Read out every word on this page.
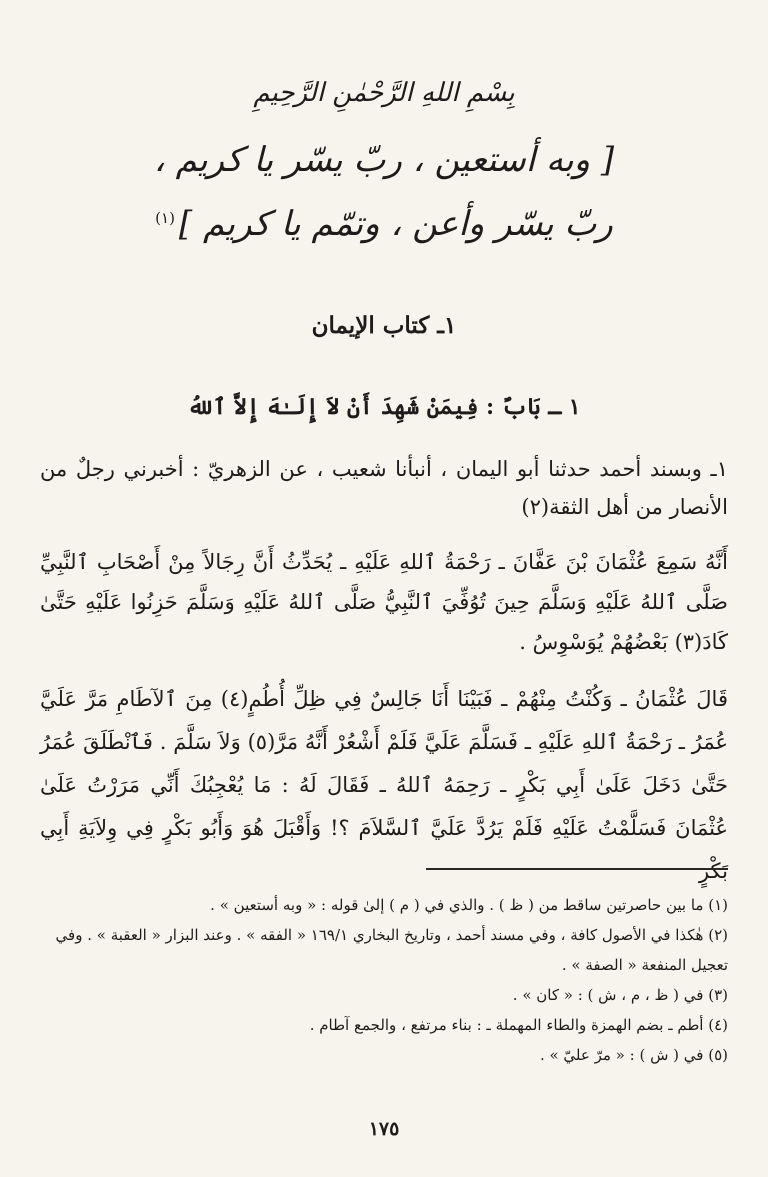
بِسْمِ اللهِ الرَّحْمٰنِ الرَّحِيمِ
[ وبه أستعين ، ربّ يسّر يا كريم ،
ربّ يسّر وأعن ، وتمّم يا كريم ]$^{(١)}$
١ـ كتاب الإيمان
١ ـ بَابٌ : فِيمَنْ شَهِدَ أَنْ لاَ إِلَـٰهَ إِلاَّ ٱللهُ
١ـ وبسند أحمد حدثنا أبو اليمان ، أنبأنا شعيب ، عن الزهريّ : أخبرني رجلٌ من الأنصار من أهل الثقة(٢)
أَنَّهُ سَمِعَ عُثْمَانَ بْنَ عَفَّانَ ـ رَحْمَةُ ٱللهِ عَلَيْهِ ـ يُحَدِّثُ أَنَّ رِجَالاً مِنْ أَصْحَابِ ٱلنَّبِيِّ صَلَّى ٱللهُ عَلَيْهِ وَسَلَّمَ حِينَ تُوُفِّيَ ٱلنَّبِيُّ صَلَّى ٱللهُ عَلَيْهِ وَسَلَّمَ حَزِنُوا عَلَيْهِ حَتَّىٰ كَادَ(٣) بَعْضُهُمْ يُوَسْوِسُ .
قَالَ عُثْمَانُ ـ وَكُنْتُ مِنْهُمْ ـ فَبَيْنَا أَنَا جَالِسٌ فِي ظِلِّ أُطُمٍ(٤) مِنَ ٱلآطَامِ مَرَّ عَلَيَّ عُمَرُ ـ رَحْمَةُ ٱللهِ عَلَيْهِ ـ فَسَلَّمَ عَلَيَّ فَلَمْ أَشْعُرْ أَنَّهُ مَرَّ(٥) وَلاَ سَلَّمَ . فَٱنْطَلَقَ عُمَرُ حَتَّىٰ دَخَلَ عَلَىٰ أَبِي بَكْرٍ ـ رَحِمَهُ ٱللهُ ـ فَقَالَ لَهُ : مَا يُعْجِبُكَ أَنِّي مَرَرْتُ عَلَىٰ عُثْمَانَ فَسَلَّمْتُ عَلَيْهِ فَلَمْ يَرُدَّ عَلَيَّ ٱلسَّلاَمَ ؟! وَأَقْبَلَ هُوَ وَأَبُو بَكْرٍ فِي وِلاَيَةِ أَبِي بَكْرٍ
(١) ما بين حاصرتين ساقط من ( ظ ) . والذي في ( م ) إلىٰ قوله : « وبه أستعين » .
(٢) هٰكذا في الأصول كافة ، وفي مسند أحمد ، وتاريخ البخاري ١٦٩/١ « الفقه » . وعند البزار « العقبة » . وفي تعجيل المنفعة « الصفة » .
(٣) في ( ظ ، م ، ش ) : « كان » .
(٤) أطم ـ بضم الهمزة والطاء المهملة ـ : بناء مرتفع ، والجمع آطام .
(٥) في ( ش ) : « مرّ عليّ » .
١٧٥
